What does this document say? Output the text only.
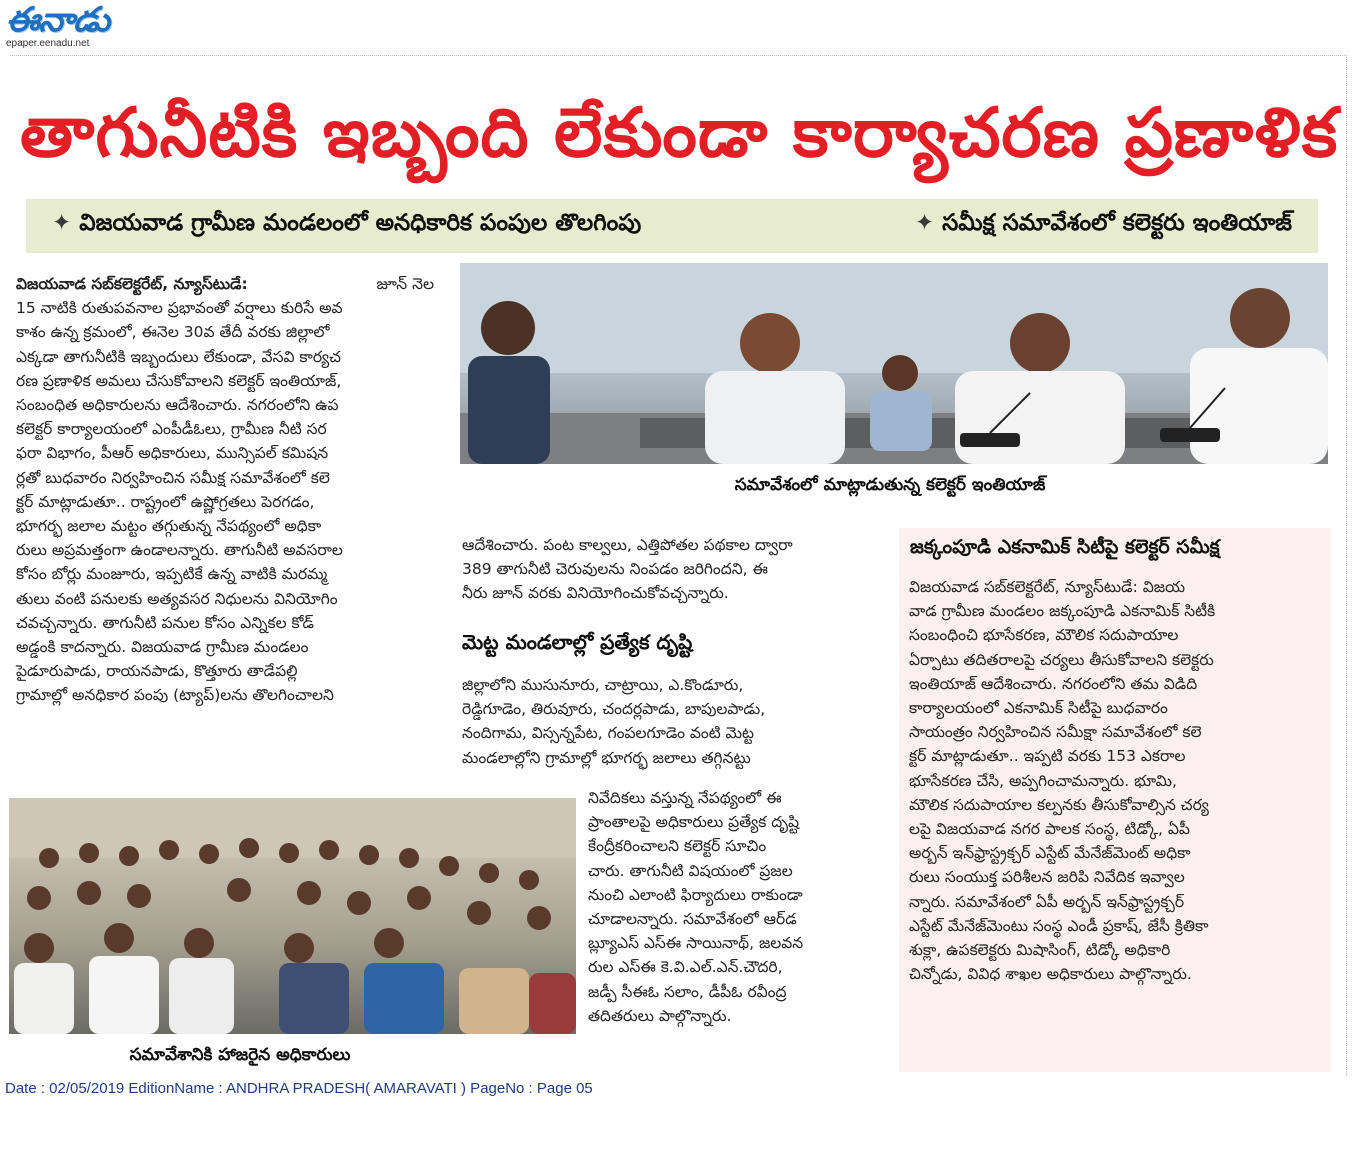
ఈనాడు
epaper.eenadu.net
తాగునీటికి ఇబ్బంది లేకుండా కార్యాచరణ ప్రణాళిక
✦ విజయవాడ గ్రామీణ మండలంలో అనధికారిక పంపుల తొలగింపు	✦ సమీక్ష సమావేశంలో కలెక్టరు ఇంతియాజ్
విజయవాడ సబ్‌కలెక్టరేట్‌, న్యూస్‌టుడే:	జూన్‌ నెల
15 నాటికి రుతుపవనాల ప్రభావంతో వర్షాలు కురిసే అవ
కాశం ఉన్న క్రమంలో, ఈనెల 30వ తేదీ వరకు జిల్లాలో
ఎక్కడా తాగునీటికి ఇబ్బందులు లేకుండా, వేసవి కార్యచ
రణ ప్రణాళిక అమలు చేసుకోవాలని కలెక్టర్‌ ఇంతియాజ్‌,
సంబంధిత అధికారులను ఆదేశించారు. నగరంలోని ఉప
కలెక్టర్‌ కార్యాలయంలో ఎంపీడీఓలు, గ్రామీణ నీటి సర
ఫరా విభాగం, పీఆర్‌ అధికారులు, మున్సిపల్‌ కమిషన
ర్లతో బుధవారం నిర్వహించిన సమీక్ష సమావేశంలో కలె
క్టర్‌ మాట్లాడుతూ.. రాష్ట్రంలో ఉష్ణోగ్రతలు పెరగడం,
భూగర్భ జలాల మట్టం తగ్గుతున్న నేపథ్యంలో అధికా
రులు అప్రమత్తంగా ఉండాలన్నారు. తాగునీటి అవసరాల
కోసం బోర్లు మంజూరు, ఇప్పటికే ఉన్న వాటికి మరమ్మ
తులు వంటి పనులకు అత్యవసర నిధులను వినియోగిం
చవచ్చన్నారు. తాగునీటి పనుల కోసం ఎన్నికల కోడ్‌
అడ్డంకి కాదన్నారు. విజయవాడ గ్రామీణ మండలం
పైడూరుపాడు, రాయనపాడు, కొత్తూరు తాడేపల్లి
గ్రామాల్లో అనధికార పంపు (ట్యాప్‌)లను తొలగించాలని
సమావేశంలో మాట్లాడుతున్న కలెక్టర్‌ ఇంతియాజ్‌
ఆదేశించారు. పంట కాల్వలు, ఎత్తిపోతల పథకాల ద్వారా
389 తాగునీటి చెరువులను నింపడం జరిగిందని, ఈ
నీరు జూన్‌ వరకు వినియోగించుకోవచ్చన్నారు.
మెట్ట మండలాల్లో ప్రత్యేక దృష్టి
జిల్లాలోని ముసునూరు, చాట్రాయి, ఎ.కొండూరు,
రెడ్డిగూడెం, తిరువూరు, చందర్లపాడు, బాపులపాడు,
నందిగామ, విస్సన్నపేట, గంపలగూడెం వంటి మెట్ట
మండలాల్లోని గ్రామాల్లో భూగర్భ జలాలు తగ్గినట్టు
నివేదికలు వస్తున్న నేపథ్యంలో ఈ
ప్రాంతాలపై అధికారులు ప్రత్యేక దృష్టి
కేంద్రీకరించాలని కలెక్టర్‌ సూచిం
చారు. తాగునీటి విషయంలో ప్రజల
నుంచి ఎలాంటి ఫిర్యాదులు రాకుండా
చూడాలన్నారు. సమావేశంలో ఆర్‌డ
బ్ల్యూఎస్‌ ఎస్‌ఈ సాయినాథ్‌, జలవన
రుల ఎస్‌ఈ కె.వి.ఎల్‌.ఎన్‌.చౌదరి,
జడ్పీ సీఈఓ సలాం, డీపీఓ రవీంద్ర
తదితరులు పాల్గొన్నారు.
సమావేశానికి హాజరైన అధికారులు
జక్కంపూడి ఎకనామిక్‌ సిటీపై కలెక్టర్‌ సమీక్ష
విజయవాడ సబ్‌కలెక్టరేట్‌, న్యూస్‌టుడే: విజయ
వాడ గ్రామీణ మండలం జక్కంపూడి ఎకనామిక్‌ సిటీకి
సంబంధించి భూసేకరణ, మౌలిక సదుపాయాల
ఏర్పాటు తదితరాలపై చర్యలు తీసుకోవాలని కలెక్టరు
ఇంతియాజ్‌ ఆదేశించారు. నగరంలోని తమ విడిది
కార్యాలయంలో ఎకనామిక్‌ సిటీపై బుధవారం
సాయంత్రం నిర్వహించిన సమీక్షా సమావేశంలో కలె
క్టర్‌ మాట్లాడుతూ.. ఇప్పటి వరకు 153 ఎకరాల
భూసేకరణ చేసి, అప్పగించామన్నారు. భూమి,
మౌలిక సదుపాయాల కల్పనకు తీసుకోవాల్సిన చర్య
లపై విజయవాడ నగర పాలక సంస్థ, టిడ్కో, ఏపీ
అర్బన్‌ ఇన్‌ఫ్రాస్ట్రక్చర్‌ ఎస్టేట్‌ మేనేజ్‌మెంట్‌ అధికా
రులు సంయుక్త పరిశీలన జరిపి నివేదిక ఇవ్వాల
న్నారు. సమావేశంలో ఏపీ అర్బన్‌ ఇన్‌ఫ్రాస్ట్రక్చర్‌
ఎస్టేట్‌ మేనేజ్‌మెంటు సంస్థ ఎండీ ప్రకాష్‌, జేసీ క్రితికా
శుక్లా, ఉపకలెక్టరు మిషాసింగ్‌, టిడ్కో అధికారి
చిన్నోడు, వివిధ శాఖల అధికారులు పాల్గొన్నారు.
Date : 02/05/2019 EditionName : ANDHRA PRADESH( AMARAVATI ) PageNo : Page 05
